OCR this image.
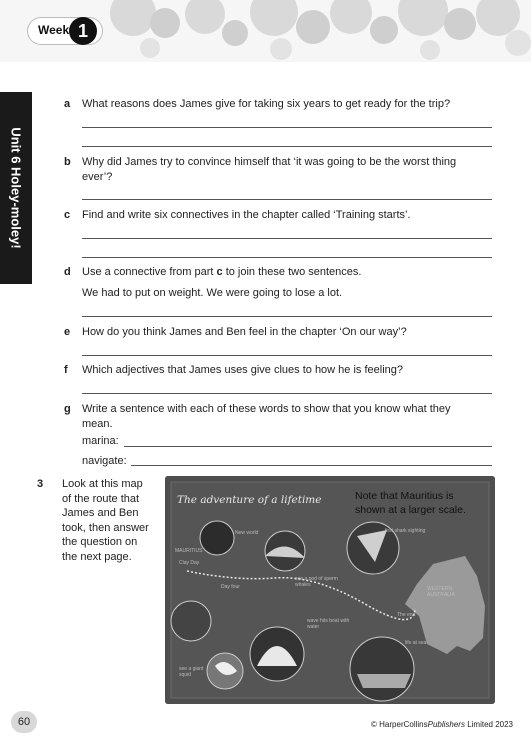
Week 1
Unit 6 Holey-moley!
a What reasons does James give for taking six years to get ready for the trip?
b Why did James try to convince himself that ‘it was going to be the worst thing ever’?
c Find and write six connectives in the chapter called ‘Training starts’.
d Use a connective from part c to join these two sentences.
We had to put on weight. We were going to lose a lot.
e How do you think James and Ben feel in the chapter ‘On our way’?
f Which adjectives that James uses give clues to how he is feeling?
g Write a sentence with each of these words to show that you know what they mean.
marina:
navigate:
3 Look at this map of the route that James and Ben took, then answer the question on the next page.
The adventure of a lifetime	Note that Mauritius is shown at a larger scale.
MAURITIUS
Clay Day
New world
Day four
see a pod of sperm whales
first shark sighting
WESTERN AUSTRALIA
The end
wave hits boat with water
life at sea
see a giant squid
60	© HarperCollinsPublishers Limited 2023
